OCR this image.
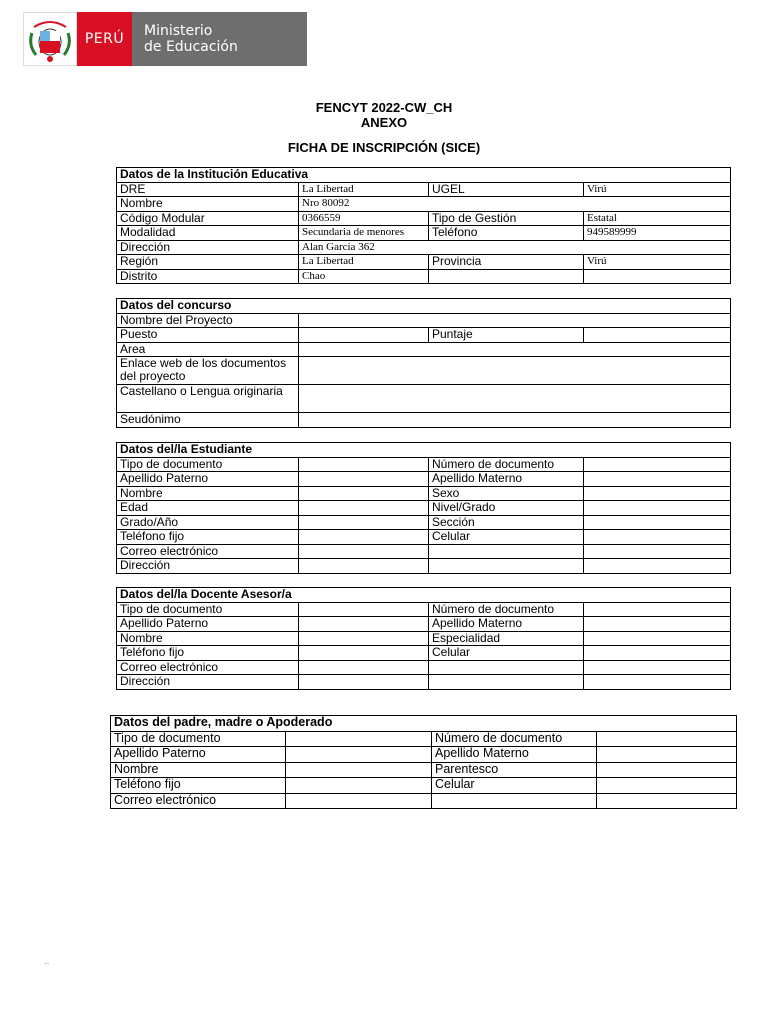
PERÚ	Ministerio
de Educación
FENCYT 2022-CW_CH
ANEXO
FICHA DE INSCRIPCIÓN (SICE)
Datos de la Institución Educativa			
DRE	La Libertad	UGEL	Virú
Nombre	Nro 80092		
Código Modular	0366559	Tipo de Gestión	Estatal
Modalidad	Secundaria de menores	Teléfono	949589999
Dirección	Alan Garcia 362		
Región	La Libertad	Provincia	Virú
Distrito	Chao		
Datos del concurso			
Nombre del Proyecto			
Puesto		Puntaje	
Area			
Enlace web de los documentos del proyecto			
Castellano o Lengua originaria			
Seudónimo			
Datos del/la Estudiante			
Tipo de documento		Número de documento	
Apellido Paterno		Apellido Materno	
Nombre		Sexo	
Edad		Nivel/Grado	
Grado/Año		Sección	
Teléfono fijo		Celular	
Correo electrónico			
Dirección			
Datos del/la Docente Asesor/a			
Tipo de documento		Número de documento	
Apellido Paterno		Apellido Materno	
Nombre		Especialidad	
Teléfono fijo		Celular	
Correo electrónico			
Dirección			
Datos del padre, madre o Apoderado			
Tipo de documento		Número de documento	
Apellido Paterno		Apellido Materno	
Nombre		Parentesco	
Teléfono fijo		Celular	
Correo electrónico			
...
